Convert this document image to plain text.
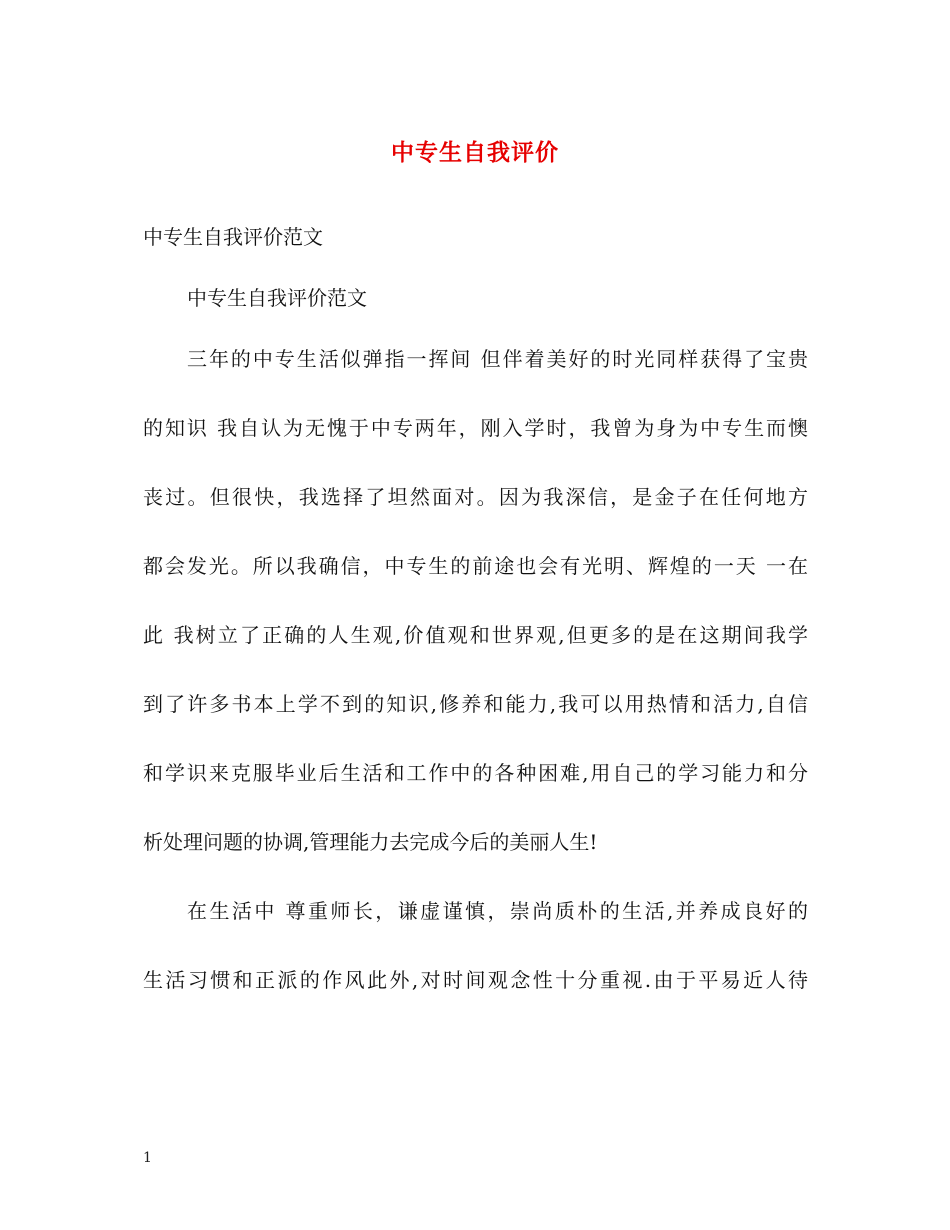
中专生自我评价
中专生自我评价范文
中专生自我评价范文
三年的中专生活似弹指一挥间 但伴着美好的时光同样获得了宝贵
的知识 我自认为无愧于中专两年，刚入学时，我曾为身为中专生而懊
丧过。但很快，我选择了坦然面对。因为我深信，是金子在任何地方
都会发光。所以我确信，中专生的前途也会有光明、辉煌的一天 一在
此 我树立了正确的人生观,价值观和世界观,但更多的是在这期间我学
到了许多书本上学不到的知识,修养和能力,我可以用热情和活力,自信
和学识来克服毕业后生活和工作中的各种困难,用自己的学习能力和分
析处理问题的协调,管理能力去完成今后的美丽人生!
在生活中 尊重师长，谦虚谨慎，崇尚质朴的生活,并养成良好的
生活习惯和正派的作风此外,对时间观念性十分重视.由于平易近人待
1
